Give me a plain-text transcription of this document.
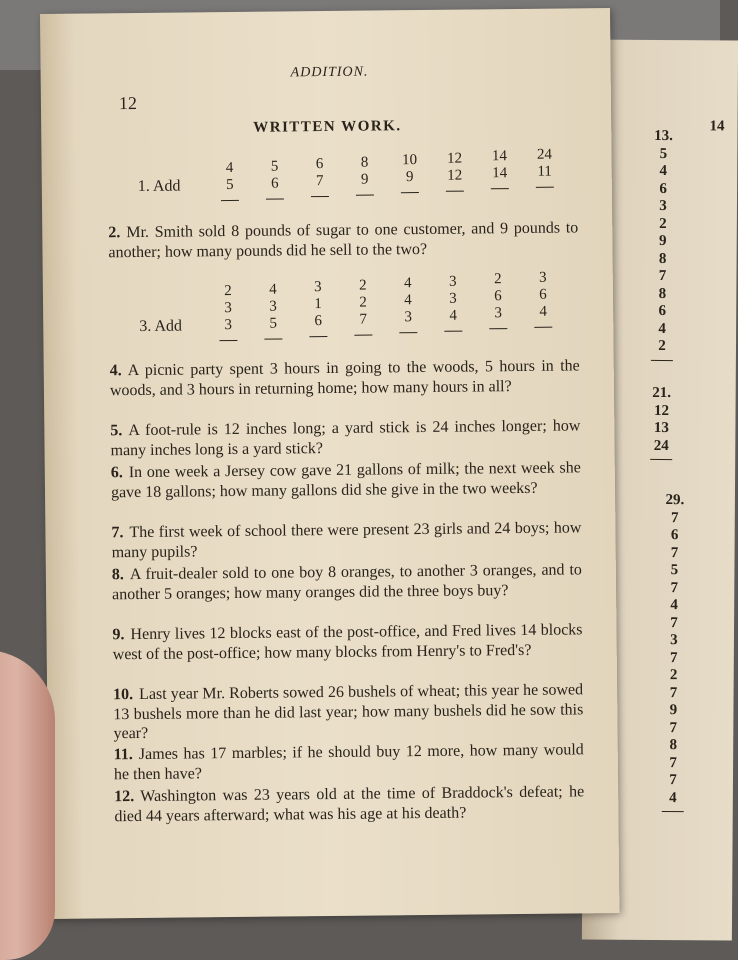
13.
5
4
6
3
2
9
8
7
8
6
4
2
21.
12
13
24
29.
7
6
7
5
7
4
7
3
7
2
7
9
7
8
7
7
4
14
ADDITION.
12
WRITTEN WORK.
1. Add
4
5
5
6
6
7
8
9
10
9
12
12
14
14
24
11
2. Mr. Smith sold 8 pounds of sugar to one customer, and 9 pounds to another; how many pounds did he sell to the two?
3. Add
2
3
3
4
3
5
3
1
6
2
2
7
4
4
3
3
3
4
2
6
3
3
6
4
4. A picnic party spent 3 hours in going to the woods, 5 hours in the woods, and 3 hours in returning home; how many hours in all?
5. A foot-rule is 12 inches long; a yard stick is 24 inches longer; how many inches long is a yard stick?
6. In one week a Jersey cow gave 21 gallons of milk; the next week she gave 18 gallons; how many gallons did she give in the two weeks?
7. The first week of school there were present 23 girls and 24 boys; how many pupils?
8. A fruit-dealer sold to one boy 8 oranges, to another 3 oranges, and to another 5 oranges; how many oranges did the three boys buy?
9. Henry lives 12 blocks east of the post-office, and Fred lives 14 blocks west of the post-office; how many blocks from Henry's to Fred's?
10. Last year Mr. Roberts sowed 26 bushels of wheat; this year he sowed 13 bushels more than he did last year; how many bushels did he sow this year?
11. James has 17 marbles; if he should buy 12 more, how many would he then have?
12. Washington was 23 years old at the time of Braddock's defeat; he died 44 years afterward; what was his age at his death?
